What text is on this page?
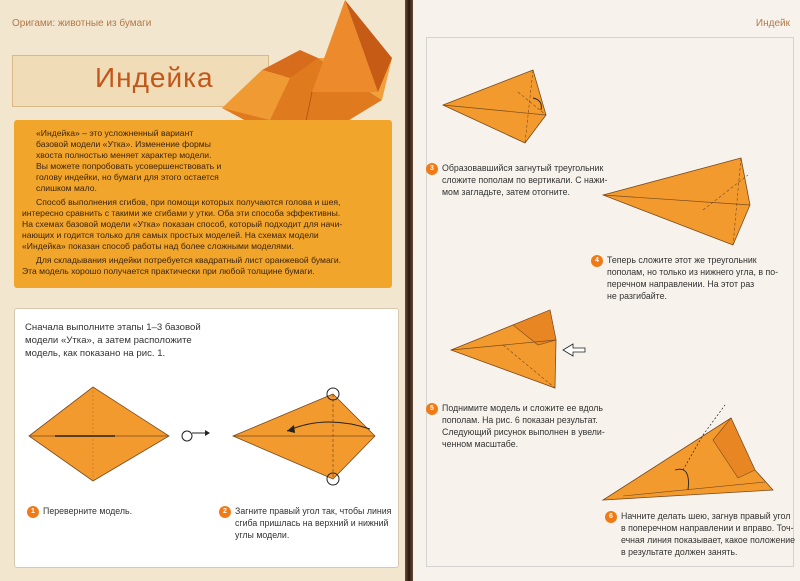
Оригами: животные из бумаги
Индейка

«Индейка» – это усложненный вариант

базовой модели «Утка». Изменение формы

хвоста полностью меняет характер модели.

Вы можете попробовать усовершенствовать и

голову индейки, но бумаги для этого остается

слишком мало.

Способ выполнения сгибов, при помощи которых получаются голова и шея,

интересно сравнить с такими же сгибами у утки. Оба эти способа эффективны.

На схемах базовой модели «Утка» показан способ, который подходит для начи-

нающих и годится только для самых простых моделей. На схемах модели

«Индейка» показан способ работы над более сложными моделями.

Для складывания индейки потребуется квадратный лист оранжевой бумаги.

Эта модель хорошо получается практически при любой толщине бумаги.

Сначала выполните этапы 1–3 базовой
модели «Утка», а затем расположите
модель, как показано на рис. 1.
1 Переверните модель.	2 Загните правый угол так, чтобы линия
сгиба пришлась на верхний и нижний
углы модели.
Индейк
3 Образовавшийся загнутый треугольник
сложите пополам по вертикали. С нажи-
мом загладьте, затем отогните.
4 Теперь сложите этот же треугольник
пополам, но только из нижнего угла, в по-
перечном направлении. На этот раз
не разгибайте.
5 Поднимите модель и сложите ее вдоль
пополам. На рис. 6 показан результат.
Следующий рисунок выполнен в увели-
ченном масштабе.
6 Начните делать шею, загнув правый угол
в поперечном направлении и вправо. Точ-
ечная линия показывает, какое положение
в результате должен занять.
